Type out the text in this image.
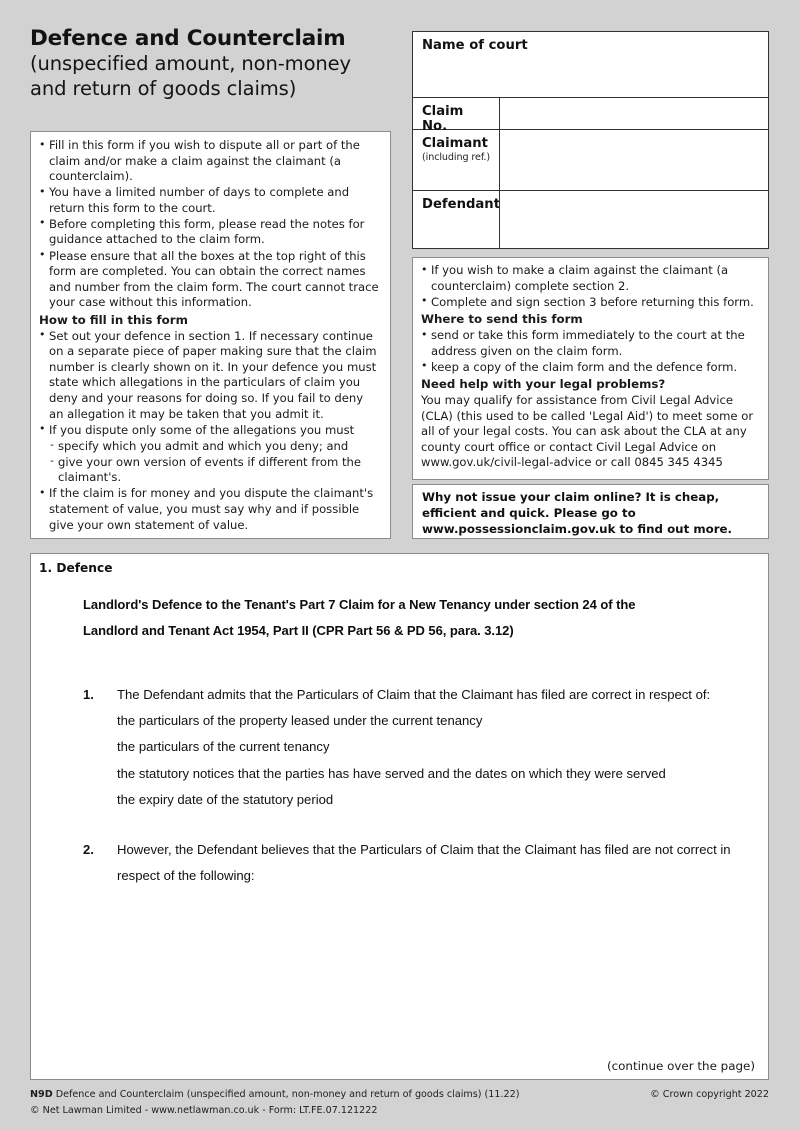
Defence and Counterclaim
(unspecified amount, non-money
and return of goods claims)
• Fill in this form if you wish to dispute all or part of the claim and/or make a claim against the claimant (a counterclaim).
• You have a limited number of days to complete and return this form to the court.
• Before completing this form, please read the notes for guidance attached to the claim form.
• Please ensure that all the boxes at the top right of this form are completed. You can obtain the correct names and number from the claim form. The court cannot trace your case without this information.
How to fill in this form
• Set out your defence in section 1. If necessary continue on a separate piece of paper making sure that the claim number is clearly shown on it. In your defence you must state which allegations in the particulars of claim you deny and your reasons for doing so. If you fail to deny an allegation it may be taken that you admit it.
• If you dispute only some of the allegations you must
- specify which you admit and which you deny; and
- give your own version of events if different from the claimant's.
• If the claim is for money and you dispute the claimant's statement of value, you must say why and if possible give your own statement of value.
Name of court
Claim No.
Claimant
(including ref.)
Defendant
• If you wish to make a claim against the claimant (a counterclaim) complete section 2.
• Complete and sign section 3 before returning this form.
Where to send this form
• send or take this form immediately to the court at the address given on the claim form.
• keep a copy of the claim form and the defence form.
Need help with your legal problems?
You may qualify for assistance from Civil Legal Advice (CLA) (this used to be called 'Legal Aid') to meet some or all of your legal costs. You can ask about the CLA at any county court office or contact Civil Legal Advice on www.gov.uk/civil-legal-advice or call 0845 345 4345
Why not issue your claim online? It is cheap, efficient and quick. Please go to www.possessionclaim.gov.uk to find out more.
1. Defence
Landlord's Defence to the Tenant's Part 7 Claim for a New Tenancy under section 24 of the
Landlord and Tenant Act 1954, Part II (CPR Part 56 & PD 56, para. 3.12)
1. The Defendant admits that the Particulars of Claim that the Claimant has filed are correct in respect of:
the particulars of the property leased under the current tenancy
the particulars of the current tenancy
the statutory notices that the parties has have served and the dates on which they were served
the expiry date of the statutory period
2. However, the Defendant believes that the Particulars of Claim that the Claimant has filed are not correct in respect of the following:
(continue over the page)
N9D Defence and Counterclaim (unspecified amount, non-money and return of goods claims) (11.22)	© Crown copyright 2022
© Net Lawman Limited - www.netlawman.co.uk - Form: LT.FE.07.121222
